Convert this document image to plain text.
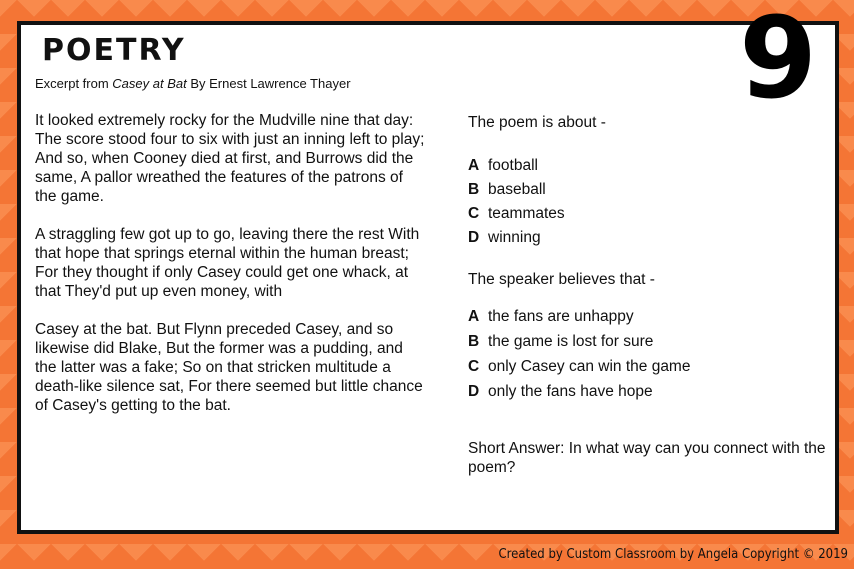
POETRY
Excerpt from Casey at Bat By Ernest Lawrence Thayer	9

It looked extremely rocky for the Mudville nine that day: The score stood four to six with just an inning left to play; And so, when Cooney died at first, and Burrows did the same, A pallor wreathed the features of the patrons of the game.

A straggling few got up to go, leaving there the rest With that hope that springs eternal within the human breast; For they thought if only Casey could get one whack, at that They'd put up even money, with

Casey at the bat. But Flynn preceded Casey, and so likewise did Blake, But the former was a pudding, and the latter was a fake; So on that stricken multitude a death-like silence sat, For there seemed but little chance of Casey's getting to the bat.

The poem is about -

A football
B baseball
C teammates
D winning

The speaker believes that -

A the fans are unhappy
B the game is lost for sure
C only Casey can win the game
D only the fans have hope

Short Answer: In what way can you connect with the poem?

Created by Custom Classroom by Angela Copyright © 2019
